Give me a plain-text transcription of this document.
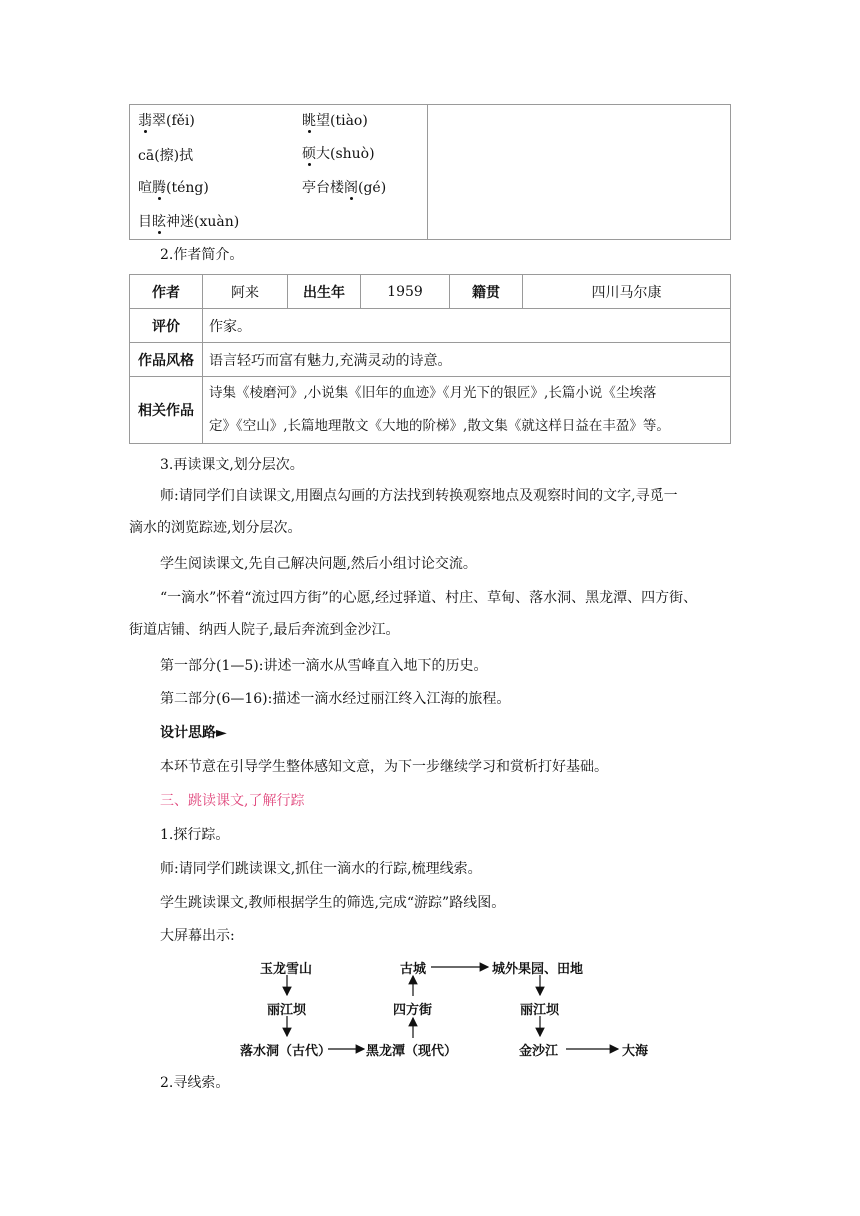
翡翠(fěi)	眺望(tiào)
cā(擦)拭	硕大(shuò)
喧腾(téng)	亭台楼阁(gé)
目眩神迷(xuàn)

2.作者简介。
作者	阿来	出生年	1959	籍贯	四川马尔康
评价	作家。				
作品风格	语言轻巧而富有魅力,充满灵动的诗意。				
相关作品	诗集《棱磨河》,小说集《旧年的血迹》《月光下的银匠》,长篇小说《尘埃落
定》《空山》,长篇地理散文《大地的阶梯》,散文集《就这样日益在丰盈》等。				
3.再读课文,划分层次。
师:请同学们自读课文,用圈点勾画的方法找到转换观察地点及观察时间的文字,寻觅一
滴水的浏览踪迹,划分层次。
学生阅读课文,先自己解决问题,然后小组讨论交流。
“一滴水”怀着“流过四方街”的心愿,经过驿道、村庄、草甸、落水洞、黑龙潭、四方街、
街道店铺、纳西人院子,最后奔流到金沙江。
第一部分(1—5):讲述一滴水从雪峰直入地下的历史。
第二部分(6—16):描述一滴水经过丽江终入江海的旅程。
设计思路►
本环节意在引导学生整体感知文意，为下一步继续学习和赏析打好基础。
三、跳读课文,了解行踪
1.探行踪。
师:请同学们跳读课文,抓住一滴水的行踪,梳理线索。
学生跳读课文,教师根据学生的筛选,完成“游踪”路线图。
大屏幕出示:
玉龙雪山
丽江坝
落水洞（古代）	黑龙潭（现代）
四方街
古城	城外果园、田地
丽江坝
金沙江	大海
2.寻线索。
